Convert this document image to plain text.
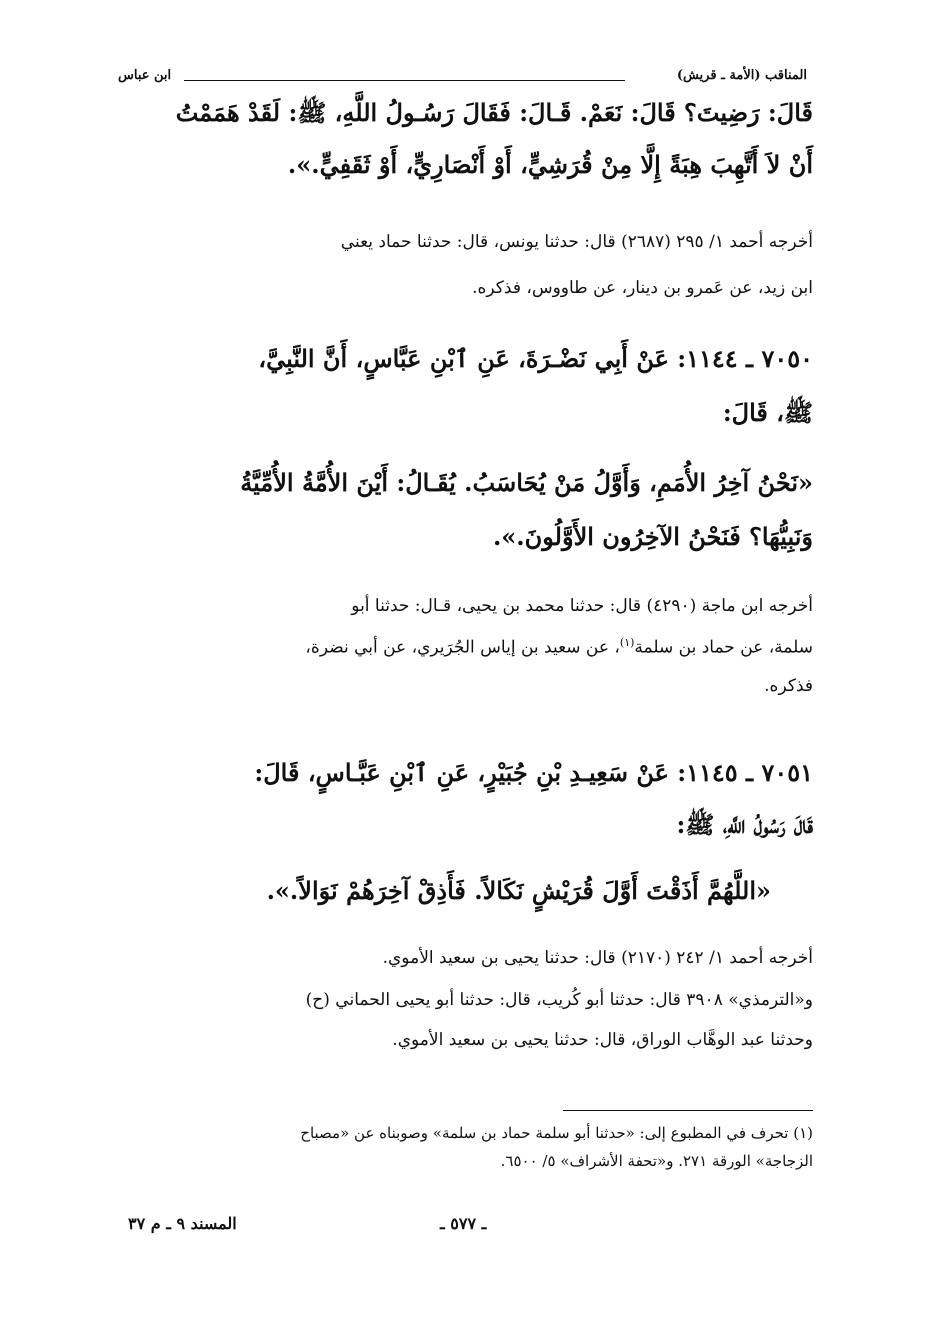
المناقب (الأمة ـ قريش)
ابن عباس
قَالَ: رَضِيتَ؟ قَالَ: نَعَمْ. قَـالَ: فَقَالَ رَسُـولُ اللَّهِ، ﷺ: لَقَدْ هَمَمْتُ
أَنْ لاَ أَتَّهِبَ هِبَةً إِلَّا مِنْ قُرَشِيٍّ، أَوْ أَنْصَارِيٍّ، أَوْ ثَقَفِيٍّ.».
أخرجه أحمد ١/ ٢٩٥ (٢٦٨٧) قال: حدثنا يونس، قال: حدثنا حماد يعني
ابن زيد، عن عَمرو بن دينار، عن طاووس، فذكره.
٧٠٥٠ ـ ١١٤٤: عَنْ أَبِي نَضْـرَةَ، عَنِ ٱبْنِ عَبَّاسٍ، أَنَّ النَّبِيَّ،
ﷺ، قَالَ:
«نَحْنُ آخِرُ الأُمَمِ، وَأَوَّلُ مَنْ يُحَاسَبُ. يُقَـالُ: أَيْنَ الأُمَّةُ الأُمِّيَّةُ
وَنَبِيُّهَا؟ فَنَحْنُ الآخِرُون الأَوَّلُونَ.».
أخرجه ابن ماجة (٤٢٩٠) قال: حدثنا محمد بن يحيى، قـال: حدثنا أبو
سلمة، عن حماد بن سلمة$^{(١)}$، عن سعيد بن إياس الجُرَيري، عن أبي نضرة،
فذكره.
٧٠٥١ ـ ١١٤٥: عَنْ سَعِيـدِ بْنِ جُبَيْرٍ، عَنِ ٱبْنِ عَبَّـاسٍ، قَالَ:
قَالَ رَسُولُ اللَّهِ، ﷺ:
«اللَّهُمَّ أَذَقْتَ أَوَّلَ قُرَيْشٍ نَكَالاً. فَأَذِقْ آخِرَهُمْ نَوَالاً.».
أخرجه أحمد ١/ ٢٤٢ (٢١٧٠) قال: حدثنا يحيى بن سعيد الأموي.
و«الترمذي» ٣٩٠٨ قال: حدثنا أبو كُريب، قال: حدثنا أبو يحيى الحماني (ح)
وحدثنا عبد الوهَّاب الوراق، قال: حدثنا يحيى بن سعيد الأموي.
(١) تحرف في المطبوع إلى: «حدثنا أبو سلمة حماد بن سلمة» وصوبناه عن «مصباح
الزجاجة» الورقة ٢٧١. و«تحفة الأشراف» ٥/ ٦٥٠٠.
ـ ٥٧٧ ـ
المسند ٩ ـ م ٣٧
